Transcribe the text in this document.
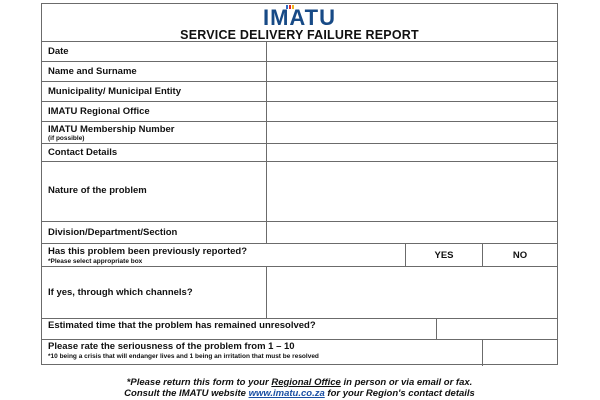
IMATU
SERVICE DELIVERY FAILURE REPORT
Date
Name and Surname
Municipality/ Municipal Entity
IMATU Regional Office
IMATU Membership Number
(if possible)
Contact Details
Nature of the problem
Division/Department/Section
Has this problem been previously reported?
*Please select appropriate box
YES	NO
If yes, through which channels?
Estimated time that the problem has remained unresolved?
Please rate the seriousness of the problem from 1 – 10
*10 being a crisis that will endanger lives and 1 being an irritation that must be resolved
*Please return this form to your Regional Office in person or via email or fax.
Consult the IMATU website www.imatu.co.za for your Region's contact details
